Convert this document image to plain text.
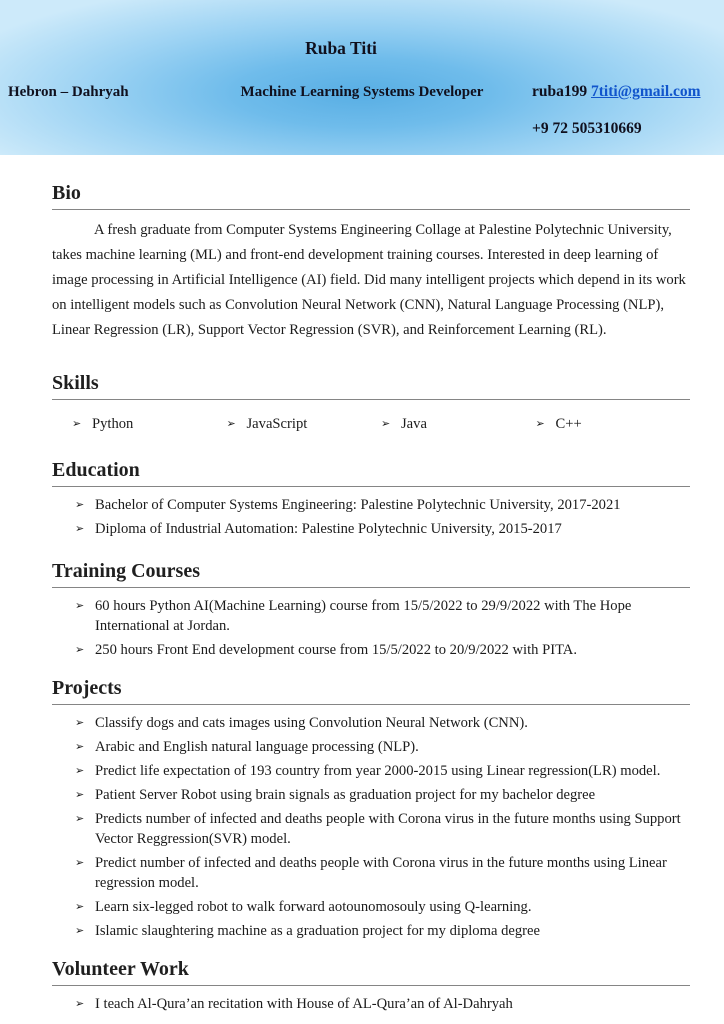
Ruba Titi
Hebron – Dahryah	Machine Learning Systems Developer	ruba199 7titi@gmail.com
+9 72 505310669
Bio

A fresh graduate from Computer Systems Engineering Collage at Palestine Polytechnic University, takes machine learning (ML) and front-end development training courses. Interested in deep learning of image processing in Artificial Intelligence (AI) field. Did many intelligent projects which depend in its work on intelligent models such as Convolution Neural Network (CNN), Natural Language Processing (NLP), Linear Regression (LR), Support Vector Regression (SVR), and Reinforcement Learning (RL).

Skills
➢ Python	➢ JavaScript	➢ Java	➢ C++
Education
➢ Bachelor of Computer Systems Engineering: Palestine Polytechnic University, 2017-2021
➢ Diploma of Industrial Automation: Palestine Polytechnic University, 2015-2017
Training Courses
➢ 60 hours Python AI(Machine Learning) course from 15/5/2022 to 29/9/2022 with The Hope International at Jordan.
➢ 250 hours Front End development course from 15/5/2022 to 20/9/2022 with PITA.
Projects
➢ Classify dogs and cats images using Convolution Neural Network (CNN).
➢ Arabic and English natural language processing (NLP).
➢ Predict life expectation of 193 country from year 2000-2015 using Linear regression(LR) model.
➢ Patient Server Robot using brain signals as graduation project for my bachelor degree
➢ Predicts number of infected and deaths people with Corona virus in the future months using Support Vector Reggression(SVR) model.
➢ Predict number of infected and deaths people with Corona virus in the future months using Linear regression model.
➢ Learn six-legged robot to walk forward aotounomosouly using Q-learning.
➢ Islamic slaughtering machine as a graduation project for my diploma degree
Volunteer Work
➢ I teach Al-Qura’an recitation with House of AL-Qura’an of Al-Dahryah
